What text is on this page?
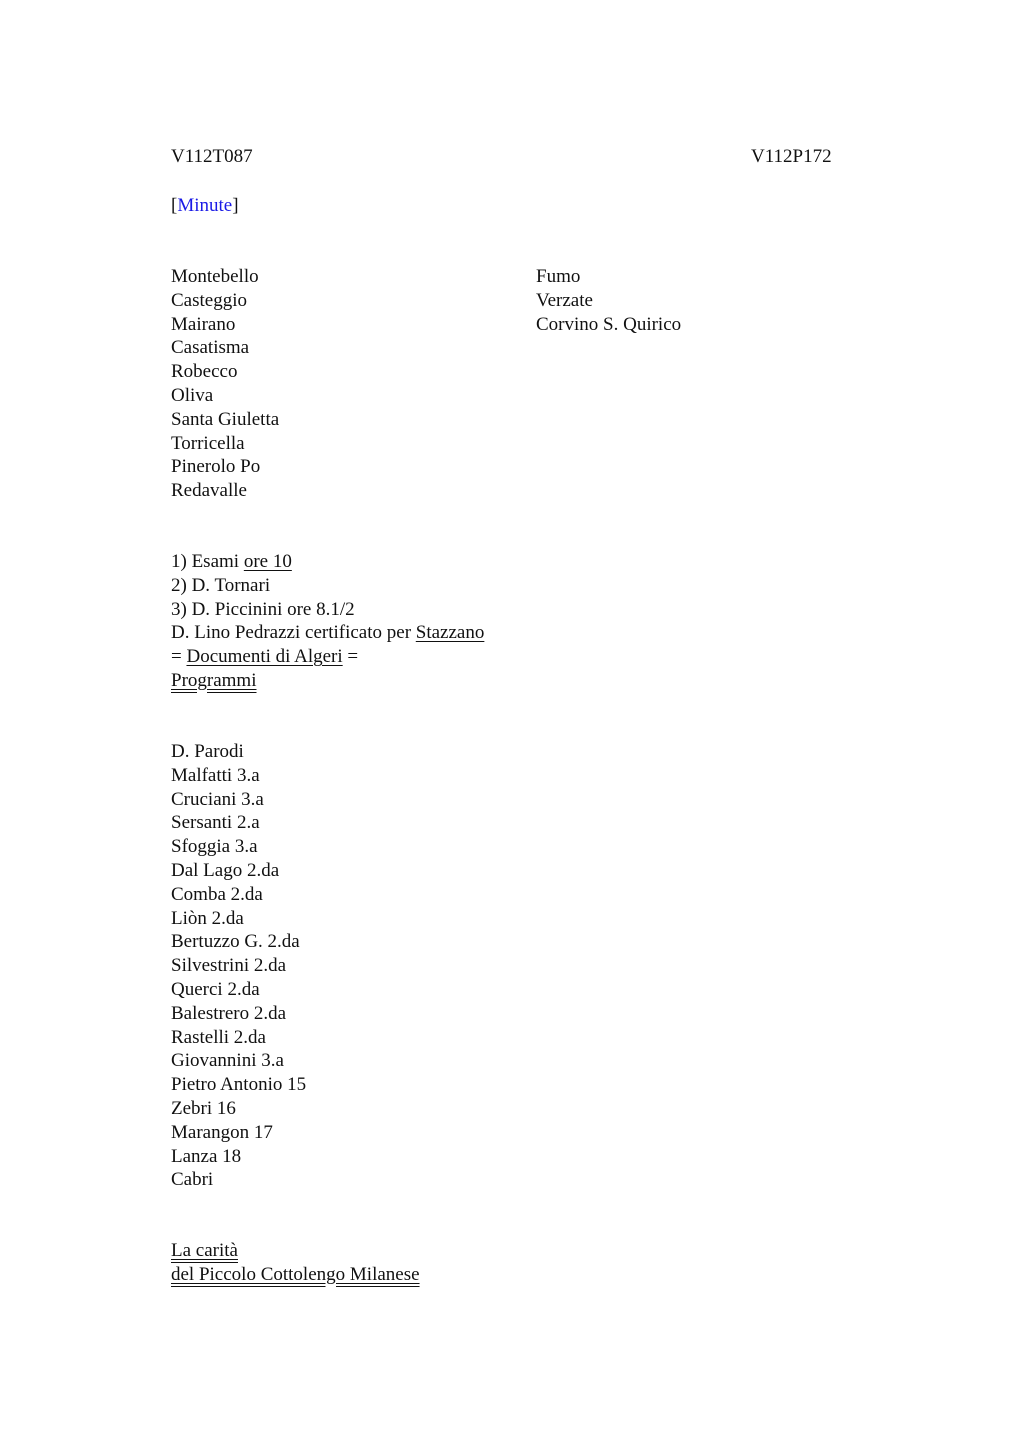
V112T087	V112P172
[Minute]
Montebello
Casteggio
Mairano
Casatisma
Robecco
Oliva
Santa Giuletta
Torricella
Pinerolo Po
Redavalle
Fumo
Verzate
Corvino S. Quirico
1) Esami ore 10
2) D. Tornari
3) D. Piccinini ore 8.1/2
D. Lino Pedrazzi certificato per Stazzano
= Documenti di Algeri =
Programmi
D. Parodi
Malfatti 3.a
Cruciani 3.a
Sersanti 2.a
Sfoggia 3.a
Dal Lago 2.da
Comba 2.da
Liòn 2.da
Bertuzzo G. 2.da
Silvestrini 2.da
Querci 2.da
Balestrero 2.da
Rastelli 2.da
Giovannini 3.a
Pietro Antonio 15
Zebri 16
Marangon 17
Lanza 18
Cabri
La carità
del Piccolo Cottolengo Milanese
